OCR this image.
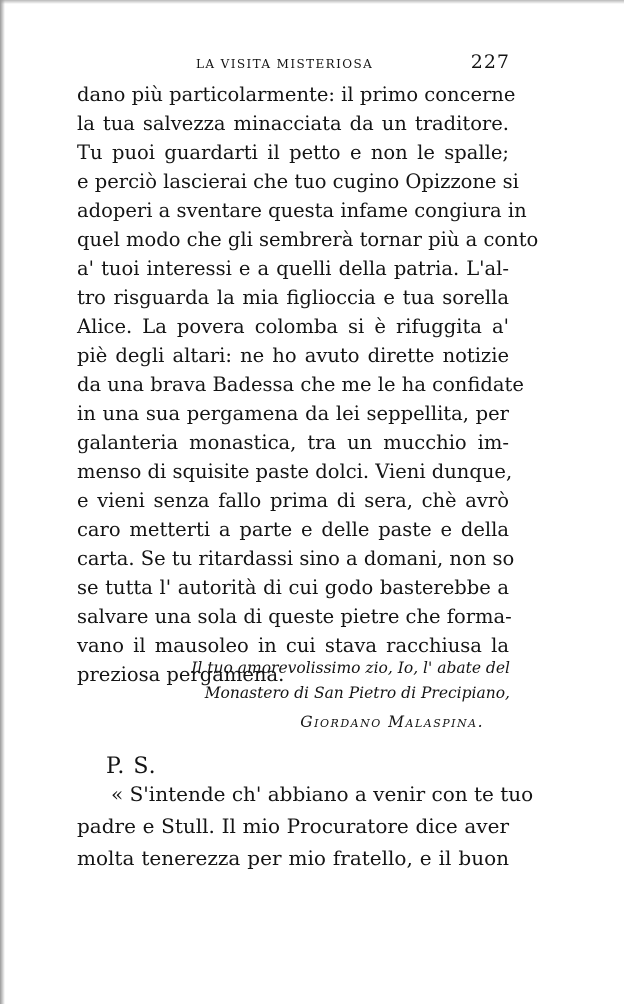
LA VISITA MISTERIOSA	227
dano più particolarmente: il primo concerne
la tua salvezza minacciata da un traditore.
Tu puoi guardarti il petto e non le spalle;
e perciò lascierai che tuo cugino Opizzone si
adoperi a sventare questa infame congiura in
quel modo che gli sembrerà tornar più a conto
a' tuoi interessi e a quelli della patria. L'al-
tro risguarda la mia figlioccia e tua sorella
Alice. La povera colomba si è rifuggita a'
piè degli altari: ne ho avuto dirette notizie
da una brava Badessa che me le ha confidate
in una sua pergamena da lei seppellita, per
galanteria monastica, tra un mucchio im-
menso di squisite paste dolci. Vieni dunque,
e vieni senza fallo prima di sera, chè avrò
caro metterti a parte e delle paste e della
carta. Se tu ritardassi sino a domani, non so
se tutta l' autorità di cui godo basterebbe a
salvare una sola di queste pietre che forma-
vano il mausoleo in cui stava racchiusa la
preziosa pergamena.
Il tuo amorevolissimo zio, Io, l' abate del
Monastero di San Pietro di Precipiano,
Giordano Malaspina.
P. S.
« S'intende ch' abbiano a venir con te tuo
padre e Stull. Il mio Procuratore dice aver
molta tenerezza per mio fratello, e il buon
